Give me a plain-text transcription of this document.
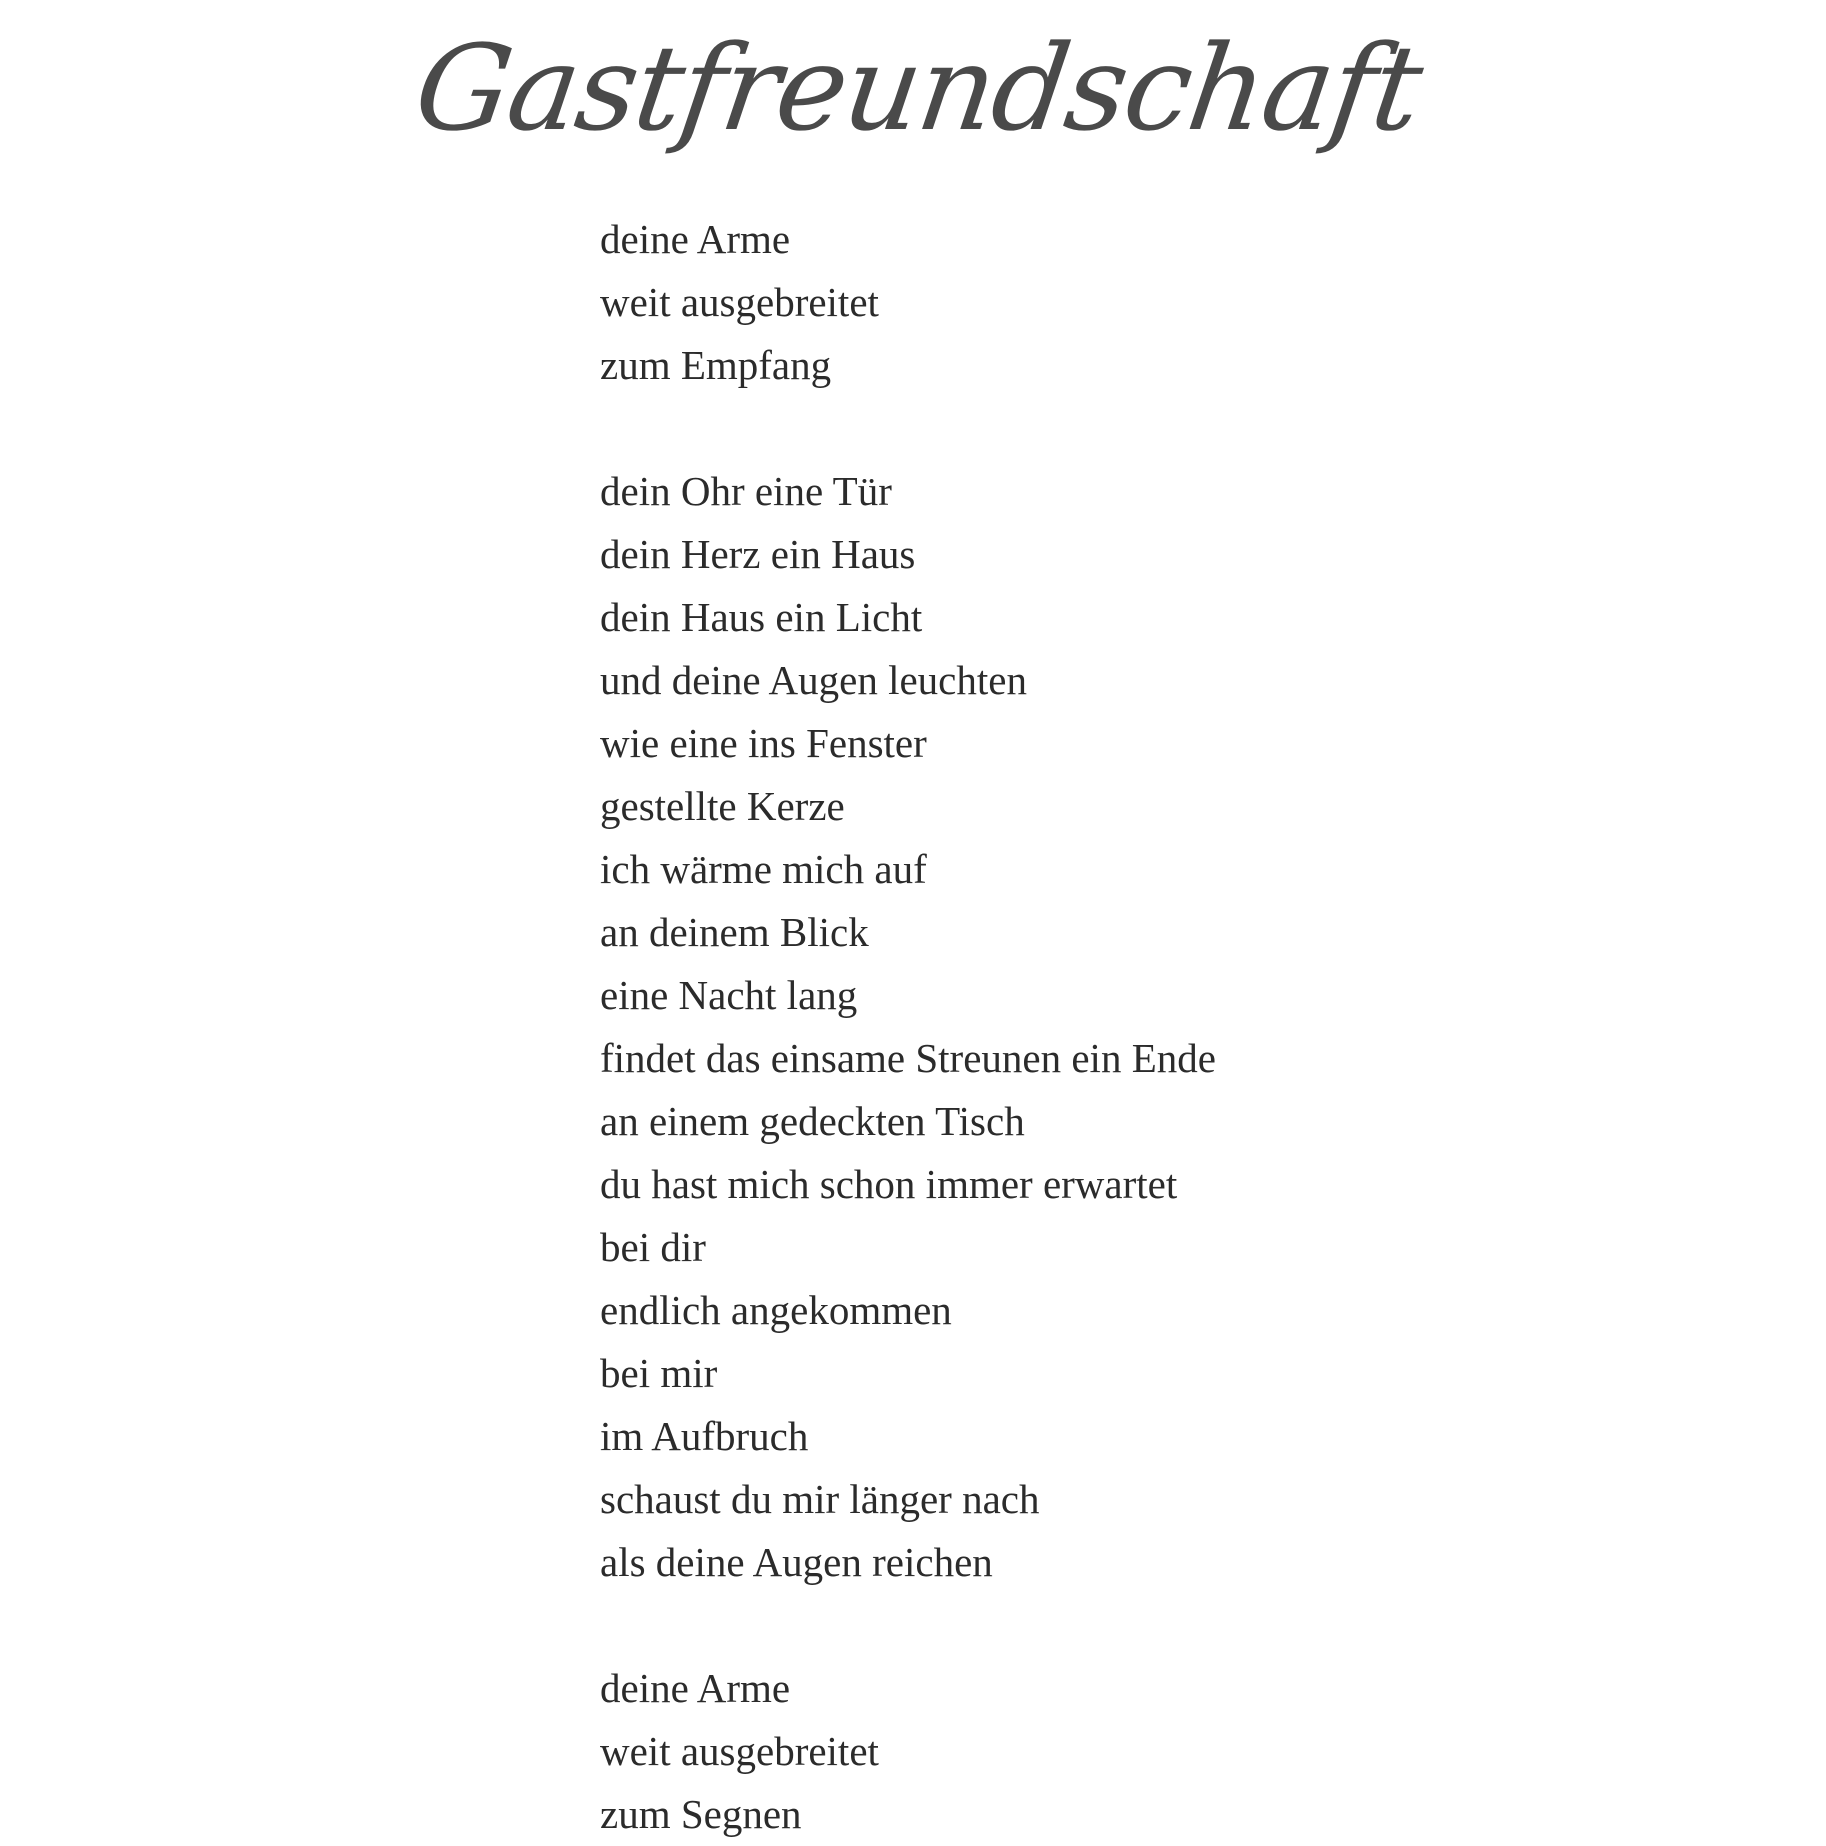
Gastfreundschaft
deine Arme
weit ausgebreitet
zum Empfang
dein Ohr eine Tür
dein Herz ein Haus
dein Haus ein Licht
und deine Augen leuchten
wie eine ins Fenster
gestellte Kerze
ich wärme mich auf
an deinem Blick
eine Nacht lang
findet das einsame Streunen ein Ende
an einem gedeckten Tisch
du hast mich schon immer erwartet
bei dir
endlich angekommen
bei mir
im Aufbruch
schaust du mir länger nach
als deine Augen reichen
deine Arme
weit ausgebreitet
zum Segnen
